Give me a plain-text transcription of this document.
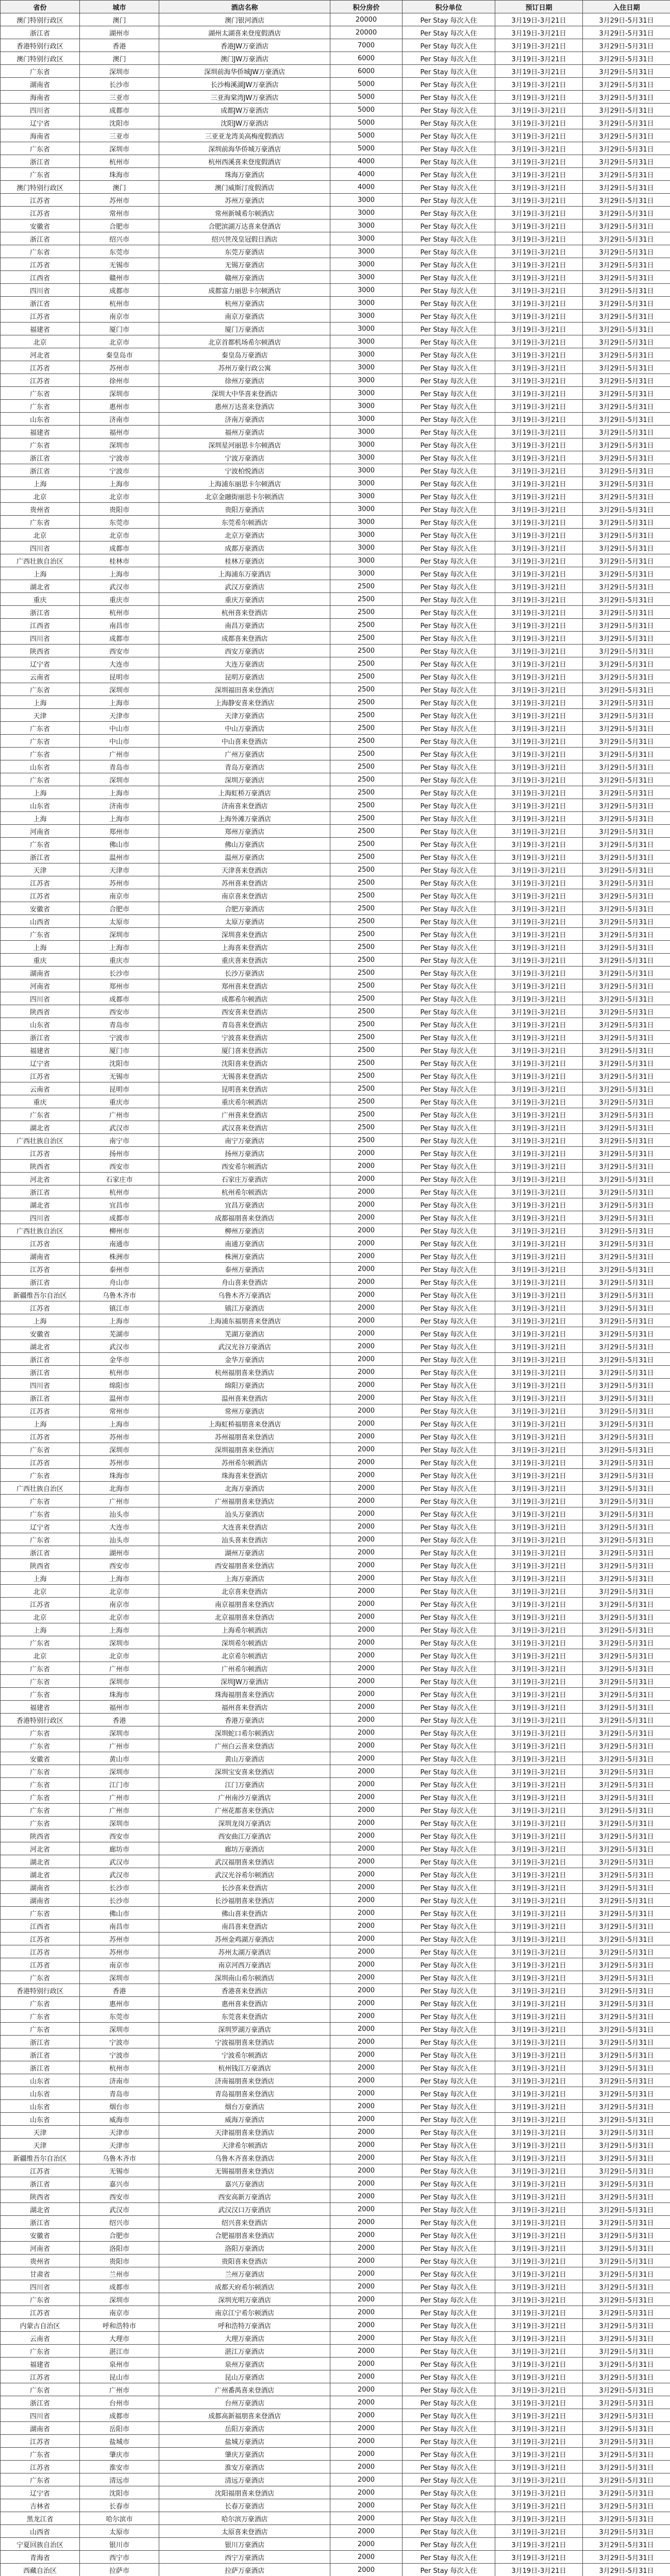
省份	城市	酒店名称	积分房价	积分单位	预订日期	入住日期
澳门特别行政区	澳门	澳门银河酒店	20000	Per Stay 每次入住	3月19日-3月21日	3月29日-5月31日
浙江省	湖州市	湖州太湖喜来登度假酒店	20000	Per Stay 每次入住	3月19日-3月21日	3月29日-5月31日
香港特别行政区	香港	香港JW万豪酒店	7000	Per Stay 每次入住	3月19日-3月21日	3月29日-5月31日
澳门特别行政区	澳门	澳门JW万豪酒店	6000	Per Stay 每次入住	3月19日-3月21日	3月29日-5月31日
广东省	深圳市	深圳前海华侨城JW万豪酒店	6000	Per Stay 每次入住	3月19日-3月21日	3月29日-5月31日
湖南省	长沙市	长沙梅溪湖JW万豪酒店	5000	Per Stay 每次入住	3月19日-3月21日	3月29日-5月31日
海南省	三亚市	三亚海棠湾JW万豪酒店	5000	Per Stay 每次入住	3月19日-3月21日	3月29日-5月31日
四川省	成都市	成都JW万豪酒店	5000	Per Stay 每次入住	3月19日-3月21日	3月29日-5月31日
辽宁省	沈阳市	沈阳JW万豪酒店	5000	Per Stay 每次入住	3月19日-3月21日	3月29日-5月31日
海南省	三亚市	三亚亚龙湾美高梅度假酒店	5000	Per Stay 每次入住	3月19日-3月21日	3月29日-5月31日
广东省	深圳市	深圳前海华侨城万豪酒店	5000	Per Stay 每次入住	3月19日-3月21日	3月29日-5月31日
浙江省	杭州市	杭州西溪喜来登度假酒店	4000	Per Stay 每次入住	3月19日-3月21日	3月29日-5月31日
广东省	珠海市	珠海万豪酒店	4000	Per Stay 每次入住	3月19日-3月21日	3月29日-5月31日
澳门特别行政区	澳门	澳门威斯汀度假酒店	4000	Per Stay 每次入住	3月19日-3月21日	3月29日-5月31日
江苏省	苏州市	苏州万豪酒店	3000	Per Stay 每次入住	3月19日-3月21日	3月29日-5月31日
江苏省	常州市	常州新城希尔顿酒店	3000	Per Stay 每次入住	3月19日-3月21日	3月29日-5月31日
安徽省	合肥市	合肥滨湖万达喜来登酒店	3000	Per Stay 每次入住	3月19日-3月21日	3月29日-5月31日
浙江省	绍兴市	绍兴世茂皇冠假日酒店	3000	Per Stay 每次入住	3月19日-3月21日	3月29日-5月31日
广东省	东莞市	东莞万豪酒店	3000	Per Stay 每次入住	3月19日-3月21日	3月29日-5月31日
江苏省	无锡市	无锡万豪酒店	3000	Per Stay 每次入住	3月19日-3月21日	3月29日-5月31日
江西省	赣州市	赣州万豪酒店	3000	Per Stay 每次入住	3月19日-3月21日	3月29日-5月31日
四川省	成都市	成都富力丽思卡尔顿酒店	3000	Per Stay 每次入住	3月19日-3月21日	3月29日-5月31日
浙江省	杭州市	杭州万豪酒店	3000	Per Stay 每次入住	3月19日-3月21日	3月29日-5月31日
江苏省	南京市	南京万豪酒店	3000	Per Stay 每次入住	3月19日-3月21日	3月29日-5月31日
福建省	厦门市	厦门万豪酒店	3000	Per Stay 每次入住	3月19日-3月21日	3月29日-5月31日
北京	北京市	北京首都机场希尔顿酒店	3000	Per Stay 每次入住	3月19日-3月21日	3月29日-5月31日
河北省	秦皇岛市	秦皇岛万豪酒店	3000	Per Stay 每次入住	3月19日-3月21日	3月29日-5月31日
江苏省	苏州市	苏州万豪行政公寓	3000	Per Stay 每次入住	3月19日-3月21日	3月29日-5月31日
江苏省	徐州市	徐州万豪酒店	3000	Per Stay 每次入住	3月19日-3月21日	3月29日-5月31日
广东省	深圳市	深圳大中华喜来登酒店	3000	Per Stay 每次入住	3月19日-3月21日	3月29日-5月31日
广东省	惠州市	惠州万达喜来登酒店	3000	Per Stay 每次入住	3月19日-3月21日	3月29日-5月31日
山东省	济南市	济南万豪酒店	3000	Per Stay 每次入住	3月19日-3月21日	3月29日-5月31日
福建省	福州市	福州万豪酒店	3000	Per Stay 每次入住	3月19日-3月21日	3月29日-5月31日
广东省	深圳市	深圳星河丽思卡尔顿酒店	3000	Per Stay 每次入住	3月19日-3月21日	3月29日-5月31日
浙江省	宁波市	宁波万豪酒店	3000	Per Stay 每次入住	3月19日-3月21日	3月29日-5月31日
浙江省	宁波市	宁波柏悦酒店	3000	Per Stay 每次入住	3月19日-3月21日	3月29日-5月31日
上海	上海市	上海浦东丽思卡尔顿酒店	3000	Per Stay 每次入住	3月19日-3月21日	3月29日-5月31日
北京	北京市	北京金融街丽思卡尔顿酒店	3000	Per Stay 每次入住	3月19日-3月21日	3月29日-5月31日
贵州省	贵阳市	贵阳万豪酒店	3000	Per Stay 每次入住	3月19日-3月21日	3月29日-5月31日
广东省	东莞市	东莞希尔顿酒店	3000	Per Stay 每次入住	3月19日-3月21日	3月29日-5月31日
北京	北京市	北京万豪酒店	3000	Per Stay 每次入住	3月19日-3月21日	3月29日-5月31日
四川省	成都市	成都万豪酒店	3000	Per Stay 每次入住	3月19日-3月21日	3月29日-5月31日
广西壮族自治区	桂林市	桂林万豪酒店	3000	Per Stay 每次入住	3月19日-3月21日	3月29日-5月31日
上海	上海市	上海浦东万豪酒店	3000	Per Stay 每次入住	3月19日-3月21日	3月29日-5月31日
湖北省	武汉市	武汉万豪酒店	2500	Per Stay 每次入住	3月19日-3月21日	3月29日-5月31日
重庆	重庆市	重庆万豪酒店	2500	Per Stay 每次入住	3月19日-3月21日	3月29日-5月31日
浙江省	杭州市	杭州喜来登酒店	2500	Per Stay 每次入住	3月19日-3月21日	3月29日-5月31日
江西省	南昌市	南昌万豪酒店	2500	Per Stay 每次入住	3月19日-3月21日	3月29日-5月31日
四川省	成都市	成都喜来登酒店	2500	Per Stay 每次入住	3月19日-3月21日	3月29日-5月31日
陕西省	西安市	西安万豪酒店	2500	Per Stay 每次入住	3月19日-3月21日	3月29日-5月31日
辽宁省	大连市	大连万豪酒店	2500	Per Stay 每次入住	3月19日-3月21日	3月29日-5月31日
云南省	昆明市	昆明万豪酒店	2500	Per Stay 每次入住	3月19日-3月21日	3月29日-5月31日
广东省	深圳市	深圳福田喜来登酒店	2500	Per Stay 每次入住	3月19日-3月21日	3月29日-5月31日
上海	上海市	上海静安喜来登酒店	2500	Per Stay 每次入住	3月19日-3月21日	3月29日-5月31日
天津	天津市	天津万豪酒店	2500	Per Stay 每次入住	3月19日-3月21日	3月29日-5月31日
广东省	中山市	中山万豪酒店	2500	Per Stay 每次入住	3月19日-3月21日	3月29日-5月31日
广东省	中山市	中山喜来登酒店	2500	Per Stay 每次入住	3月19日-3月21日	3月29日-5月31日
广东省	广州市	广州万豪酒店	2500	Per Stay 每次入住	3月19日-3月21日	3月29日-5月31日
山东省	青岛市	青岛万豪酒店	2500	Per Stay 每次入住	3月19日-3月21日	3月29日-5月31日
广东省	深圳市	深圳万豪酒店	2500	Per Stay 每次入住	3月19日-3月21日	3月29日-5月31日
上海	上海市	上海虹桥万豪酒店	2500	Per Stay 每次入住	3月19日-3月21日	3月29日-5月31日
山东省	济南市	济南喜来登酒店	2500	Per Stay 每次入住	3月19日-3月21日	3月29日-5月31日
上海	上海市	上海外滩万豪酒店	2500	Per Stay 每次入住	3月19日-3月21日	3月29日-5月31日
河南省	郑州市	郑州万豪酒店	2500	Per Stay 每次入住	3月19日-3月21日	3月29日-5月31日
广东省	佛山市	佛山万豪酒店	2500	Per Stay 每次入住	3月19日-3月21日	3月29日-5月31日
浙江省	温州市	温州万豪酒店	2500	Per Stay 每次入住	3月19日-3月21日	3月29日-5月31日
天津	天津市	天津喜来登酒店	2500	Per Stay 每次入住	3月19日-3月21日	3月29日-5月31日
江苏省	苏州市	苏州喜来登酒店	2500	Per Stay 每次入住	3月19日-3月21日	3月29日-5月31日
江苏省	南京市	南京喜来登酒店	2500	Per Stay 每次入住	3月19日-3月21日	3月29日-5月31日
安徽省	合肥市	合肥万豪酒店	2500	Per Stay 每次入住	3月19日-3月21日	3月29日-5月31日
山西省	太原市	太原万豪酒店	2500	Per Stay 每次入住	3月19日-3月21日	3月29日-5月31日
广东省	深圳市	深圳喜来登酒店	2500	Per Stay 每次入住	3月19日-3月21日	3月29日-5月31日
上海	上海市	上海喜来登酒店	2500	Per Stay 每次入住	3月19日-3月21日	3月29日-5月31日
重庆	重庆市	重庆喜来登酒店	2500	Per Stay 每次入住	3月19日-3月21日	3月29日-5月31日
湖南省	长沙市	长沙万豪酒店	2500	Per Stay 每次入住	3月19日-3月21日	3月29日-5月31日
河南省	郑州市	郑州喜来登酒店	2500	Per Stay 每次入住	3月19日-3月21日	3月29日-5月31日
四川省	成都市	成都希尔顿酒店	2500	Per Stay 每次入住	3月19日-3月21日	3月29日-5月31日
陕西省	西安市	西安喜来登酒店	2500	Per Stay 每次入住	3月19日-3月21日	3月29日-5月31日
山东省	青岛市	青岛喜来登酒店	2500	Per Stay 每次入住	3月19日-3月21日	3月29日-5月31日
浙江省	宁波市	宁波喜来登酒店	2500	Per Stay 每次入住	3月19日-3月21日	3月29日-5月31日
福建省	厦门市	厦门喜来登酒店	2500	Per Stay 每次入住	3月19日-3月21日	3月29日-5月31日
辽宁省	沈阳市	沈阳喜来登酒店	2500	Per Stay 每次入住	3月19日-3月21日	3月29日-5月31日
江苏省	无锡市	无锡喜来登酒店	2500	Per Stay 每次入住	3月19日-3月21日	3月29日-5月31日
云南省	昆明市	昆明喜来登酒店	2500	Per Stay 每次入住	3月19日-3月21日	3月29日-5月31日
重庆	重庆市	重庆希尔顿酒店	2500	Per Stay 每次入住	3月19日-3月21日	3月29日-5月31日
广东省	广州市	广州喜来登酒店	2500	Per Stay 每次入住	3月19日-3月21日	3月29日-5月31日
湖北省	武汉市	武汉喜来登酒店	2500	Per Stay 每次入住	3月19日-3月21日	3月29日-5月31日
广西壮族自治区	南宁市	南宁万豪酒店	2500	Per Stay 每次入住	3月19日-3月21日	3月29日-5月31日
江苏省	扬州市	扬州万豪酒店	2000	Per Stay 每次入住	3月19日-3月21日	3月29日-5月31日
陕西省	西安市	西安希尔顿酒店	2000	Per Stay 每次入住	3月19日-3月21日	3月29日-5月31日
河北省	石家庄市	石家庄万豪酒店	2000	Per Stay 每次入住	3月19日-3月21日	3月29日-5月31日
浙江省	杭州市	杭州希尔顿酒店	2000	Per Stay 每次入住	3月19日-3月21日	3月29日-5月31日
湖北省	宜昌市	宜昌万豪酒店	2000	Per Stay 每次入住	3月19日-3月21日	3月29日-5月31日
四川省	成都市	成都福朋喜来登酒店	2000	Per Stay 每次入住	3月19日-3月21日	3月29日-5月31日
广西壮族自治区	柳州市	柳州万豪酒店	2000	Per Stay 每次入住	3月19日-3月21日	3月29日-5月31日
江苏省	南通市	南通万豪酒店	2000	Per Stay 每次入住	3月19日-3月21日	3月29日-5月31日
湖南省	株洲市	株洲万豪酒店	2000	Per Stay 每次入住	3月19日-3月21日	3月29日-5月31日
江苏省	泰州市	泰州万豪酒店	2000	Per Stay 每次入住	3月19日-3月21日	3月29日-5月31日
浙江省	舟山市	舟山喜来登酒店	2000	Per Stay 每次入住	3月19日-3月21日	3月29日-5月31日
新疆维吾尔自治区	乌鲁木齐市	乌鲁木齐万豪酒店	2000	Per Stay 每次入住	3月19日-3月21日	3月29日-5月31日
江苏省	镇江市	镇江万豪酒店	2000	Per Stay 每次入住	3月19日-3月21日	3月29日-5月31日
上海	上海市	上海浦东福朋喜来登酒店	2000	Per Stay 每次入住	3月19日-3月21日	3月29日-5月31日
安徽省	芜湖市	芜湖万豪酒店	2000	Per Stay 每次入住	3月19日-3月21日	3月29日-5月31日
湖北省	武汉市	武汉光谷万豪酒店	2000	Per Stay 每次入住	3月19日-3月21日	3月29日-5月31日
浙江省	金华市	金华万豪酒店	2000	Per Stay 每次入住	3月19日-3月21日	3月29日-5月31日
浙江省	杭州市	杭州福朋喜来登酒店	2000	Per Stay 每次入住	3月19日-3月21日	3月29日-5月31日
四川省	绵阳市	绵阳万豪酒店	2000	Per Stay 每次入住	3月19日-3月21日	3月29日-5月31日
浙江省	温州市	温州喜来登酒店	2000	Per Stay 每次入住	3月19日-3月21日	3月29日-5月31日
江苏省	常州市	常州万豪酒店	2000	Per Stay 每次入住	3月19日-3月21日	3月29日-5月31日
上海	上海市	上海虹桥福朋喜来登酒店	2000	Per Stay 每次入住	3月19日-3月21日	3月29日-5月31日
江苏省	苏州市	苏州福朋喜来登酒店	2000	Per Stay 每次入住	3月19日-3月21日	3月29日-5月31日
广东省	深圳市	深圳福朋喜来登酒店	2000	Per Stay 每次入住	3月19日-3月21日	3月29日-5月31日
江苏省	苏州市	苏州希尔顿酒店	2000	Per Stay 每次入住	3月19日-3月21日	3月29日-5月31日
广东省	珠海市	珠海喜来登酒店	2000	Per Stay 每次入住	3月19日-3月21日	3月29日-5月31日
广西壮族自治区	北海市	北海万豪酒店	2000	Per Stay 每次入住	3月19日-3月21日	3月29日-5月31日
广东省	广州市	广州福朋喜来登酒店	2000	Per Stay 每次入住	3月19日-3月21日	3月29日-5月31日
广东省	汕头市	汕头万豪酒店	2000	Per Stay 每次入住	3月19日-3月21日	3月29日-5月31日
辽宁省	大连市	大连喜来登酒店	2000	Per Stay 每次入住	3月19日-3月21日	3月29日-5月31日
广东省	汕头市	汕头喜来登酒店	2000	Per Stay 每次入住	3月19日-3月21日	3月29日-5月31日
浙江省	湖州市	湖州万豪酒店	2000	Per Stay 每次入住	3月19日-3月21日	3月29日-5月31日
陕西省	西安市	西安福朋喜来登酒店	2000	Per Stay 每次入住	3月19日-3月21日	3月29日-5月31日
上海	上海市	上海万豪酒店	2000	Per Stay 每次入住	3月19日-3月21日	3月29日-5月31日
北京	北京市	北京喜来登酒店	2000	Per Stay 每次入住	3月19日-3月21日	3月29日-5月31日
江苏省	南京市	南京福朋喜来登酒店	2000	Per Stay 每次入住	3月19日-3月21日	3月29日-5月31日
北京	北京市	北京福朋喜来登酒店	2000	Per Stay 每次入住	3月19日-3月21日	3月29日-5月31日
上海	上海市	上海希尔顿酒店	2000	Per Stay 每次入住	3月19日-3月21日	3月29日-5月31日
广东省	深圳市	深圳希尔顿酒店	2000	Per Stay 每次入住	3月19日-3月21日	3月29日-5月31日
北京	北京市	北京希尔顿酒店	2000	Per Stay 每次入住	3月19日-3月21日	3月29日-5月31日
广东省	广州市	广州希尔顿酒店	2000	Per Stay 每次入住	3月19日-3月21日	3月29日-5月31日
广东省	深圳市	深圳JW万豪酒店	2000	Per Stay 每次入住	3月19日-3月21日	3月29日-5月31日
广东省	珠海市	珠海福朋喜来登酒店	2000	Per Stay 每次入住	3月19日-3月21日	3月29日-5月31日
福建省	福州市	福州喜来登酒店	2000	Per Stay 每次入住	3月19日-3月21日	3月29日-5月31日
香港特别行政区	香港	香港万豪酒店	2000	Per Stay 每次入住	3月19日-3月21日	3月29日-5月31日
广东省	深圳市	深圳蛇口希尔顿酒店	2000	Per Stay 每次入住	3月19日-3月21日	3月29日-5月31日
广东省	广州市	广州白云喜来登酒店	2000	Per Stay 每次入住	3月19日-3月21日	3月29日-5月31日
安徽省	黄山市	黄山万豪酒店	2000	Per Stay 每次入住	3月19日-3月21日	3月29日-5月31日
广东省	深圳市	深圳宝安喜来登酒店	2000	Per Stay 每次入住	3月19日-3月21日	3月29日-5月31日
广东省	江门市	江门万豪酒店	2000	Per Stay 每次入住	3月19日-3月21日	3月29日-5月31日
广东省	广州市	广州南沙万豪酒店	2000	Per Stay 每次入住	3月19日-3月21日	3月29日-5月31日
广东省	广州市	广州花都喜来登酒店	2000	Per Stay 每次入住	3月19日-3月21日	3月29日-5月31日
广东省	深圳市	深圳龙岗万豪酒店	2000	Per Stay 每次入住	3月19日-3月21日	3月29日-5月31日
陕西省	西安市	西安曲江万豪酒店	2000	Per Stay 每次入住	3月19日-3月21日	3月29日-5月31日
河北省	廊坊市	廊坊万豪酒店	2000	Per Stay 每次入住	3月19日-3月21日	3月29日-5月31日
湖北省	武汉市	武汉福朋喜来登酒店	2000	Per Stay 每次入住	3月19日-3月21日	3月29日-5月31日
湖北省	武汉市	武汉光谷希尔顿酒店	2000	Per Stay 每次入住	3月19日-3月21日	3月29日-5月31日
湖南省	长沙市	长沙喜来登酒店	2000	Per Stay 每次入住	3月19日-3月21日	3月29日-5月31日
湖南省	长沙市	长沙福朋喜来登酒店	2000	Per Stay 每次入住	3月19日-3月21日	3月29日-5月31日
广东省	佛山市	佛山喜来登酒店	2000	Per Stay 每次入住	3月19日-3月21日	3月29日-5月31日
江西省	南昌市	南昌喜来登酒店	2000	Per Stay 每次入住	3月19日-3月21日	3月29日-5月31日
江苏省	苏州市	苏州金鸡湖万豪酒店	2000	Per Stay 每次入住	3月19日-3月21日	3月29日-5月31日
江苏省	苏州市	苏州太湖万豪酒店	2000	Per Stay 每次入住	3月19日-3月21日	3月29日-5月31日
江苏省	南京市	南京河西万豪酒店	2000	Per Stay 每次入住	3月19日-3月21日	3月29日-5月31日
广东省	深圳市	深圳南山希尔顿酒店	2000	Per Stay 每次入住	3月19日-3月21日	3月29日-5月31日
香港特别行政区	香港	香港喜来登酒店	2000	Per Stay 每次入住	3月19日-3月21日	3月29日-5月31日
广东省	惠州市	惠州喜来登酒店	2000	Per Stay 每次入住	3月19日-3月21日	3月29日-5月31日
广东省	东莞市	东莞喜来登酒店	2000	Per Stay 每次入住	3月19日-3月21日	3月29日-5月31日
广东省	深圳市	深圳罗湖万豪酒店	2000	Per Stay 每次入住	3月19日-3月21日	3月29日-5月31日
浙江省	宁波市	宁波福朋喜来登酒店	2000	Per Stay 每次入住	3月19日-3月21日	3月29日-5月31日
浙江省	宁波市	宁波希尔顿酒店	2000	Per Stay 每次入住	3月19日-3月21日	3月29日-5月31日
浙江省	杭州市	杭州钱江万豪酒店	2000	Per Stay 每次入住	3月19日-3月21日	3月29日-5月31日
山东省	济南市	济南福朋喜来登酒店	2000	Per Stay 每次入住	3月19日-3月21日	3月29日-5月31日
山东省	青岛市	青岛福朋喜来登酒店	2000	Per Stay 每次入住	3月19日-3月21日	3月29日-5月31日
山东省	烟台市	烟台万豪酒店	2000	Per Stay 每次入住	3月19日-3月21日	3月29日-5月31日
山东省	威海市	威海万豪酒店	2000	Per Stay 每次入住	3月19日-3月21日	3月29日-5月31日
天津	天津市	天津福朋喜来登酒店	2000	Per Stay 每次入住	3月19日-3月21日	3月29日-5月31日
天津	天津市	天津希尔顿酒店	2000	Per Stay 每次入住	3月19日-3月21日	3月29日-5月31日
新疆维吾尔自治区	乌鲁木齐市	乌鲁木齐喜来登酒店	2000	Per Stay 每次入住	3月19日-3月21日	3月29日-5月31日
江苏省	无锡市	无锡福朋喜来登酒店	2000	Per Stay 每次入住	3月19日-3月21日	3月29日-5月31日
浙江省	嘉兴市	嘉兴万豪酒店	2000	Per Stay 每次入住	3月19日-3月21日	3月29日-5月31日
陕西省	西安市	西安高新万豪酒店	2000	Per Stay 每次入住	3月19日-3月21日	3月29日-5月31日
湖北省	武汉市	武汉汉口万豪酒店	2000	Per Stay 每次入住	3月19日-3月21日	3月29日-5月31日
浙江省	绍兴市	绍兴喜来登酒店	2000	Per Stay 每次入住	3月19日-3月21日	3月29日-5月31日
安徽省	合肥市	合肥福朋喜来登酒店	2000	Per Stay 每次入住	3月19日-3月21日	3月29日-5月31日
河南省	洛阳市	洛阳万豪酒店	2000	Per Stay 每次入住	3月19日-3月21日	3月29日-5月31日
贵州省	贵阳市	贵阳喜来登酒店	2000	Per Stay 每次入住	3月19日-3月21日	3月29日-5月31日
甘肃省	兰州市	兰州万豪酒店	2000	Per Stay 每次入住	3月19日-3月21日	3月29日-5月31日
四川省	成都市	成都天府希尔顿酒店	2000	Per Stay 每次入住	3月19日-3月21日	3月29日-5月31日
广东省	深圳市	深圳光明万豪酒店	2000	Per Stay 每次入住	3月19日-3月21日	3月29日-5月31日
江苏省	南京市	南京江宁希尔顿酒店	2000	Per Stay 每次入住	3月19日-3月21日	3月29日-5月31日
内蒙古自治区	呼和浩特市	呼和浩特万豪酒店	2000	Per Stay 每次入住	3月19日-3月21日	3月29日-5月31日
云南省	大理市	大理万豪酒店	2000	Per Stay 每次入住	3月19日-3月21日	3月29日-5月31日
广东省	湛江市	湛江万豪酒店	2000	Per Stay 每次入住	3月19日-3月21日	3月29日-5月31日
福建省	泉州市	泉州万豪酒店	2000	Per Stay 每次入住	3月19日-3月21日	3月29日-5月31日
江苏省	昆山市	昆山万豪酒店	2000	Per Stay 每次入住	3月19日-3月21日	3月29日-5月31日
广东省	广州市	广州番禺喜来登酒店	2000	Per Stay 每次入住	3月19日-3月21日	3月29日-5月31日
浙江省	台州市	台州万豪酒店	2000	Per Stay 每次入住	3月19日-3月21日	3月29日-5月31日
四川省	成都市	成都高新福朋喜来登酒店	2000	Per Stay 每次入住	3月19日-3月21日	3月29日-5月31日
湖南省	岳阳市	岳阳万豪酒店	2000	Per Stay 每次入住	3月19日-3月21日	3月29日-5月31日
江苏省	盐城市	盐城万豪酒店	2000	Per Stay 每次入住	3月19日-3月21日	3月29日-5月31日
广东省	肇庆市	肇庆万豪酒店	2000	Per Stay 每次入住	3月19日-3月21日	3月29日-5月31日
江苏省	淮安市	淮安万豪酒店	2000	Per Stay 每次入住	3月19日-3月21日	3月29日-5月31日
广东省	清远市	清远万豪酒店	2000	Per Stay 每次入住	3月19日-3月21日	3月29日-5月31日
辽宁省	沈阳市	沈阳福朋喜来登酒店	2000	Per Stay 每次入住	3月19日-3月21日	3月29日-5月31日
吉林省	长春市	长春万豪酒店	2000	Per Stay 每次入住	3月19日-3月21日	3月29日-5月31日
黑龙江省	哈尔滨市	哈尔滨万豪酒店	2000	Per Stay 每次入住	3月19日-3月21日	3月29日-5月31日
山西省	太原市	太原喜来登酒店	2000	Per Stay 每次入住	3月19日-3月21日	3月29日-5月31日
宁夏回族自治区	银川市	银川万豪酒店	2000	Per Stay 每次入住	3月19日-3月21日	3月29日-5月31日
青海省	西宁市	西宁万豪酒店	2000	Per Stay 每次入住	3月19日-3月21日	3月29日-5月31日
西藏自治区	拉萨市	拉萨万豪酒店	2000	Per Stay 每次入住	3月19日-3月21日	3月29日-5月31日
